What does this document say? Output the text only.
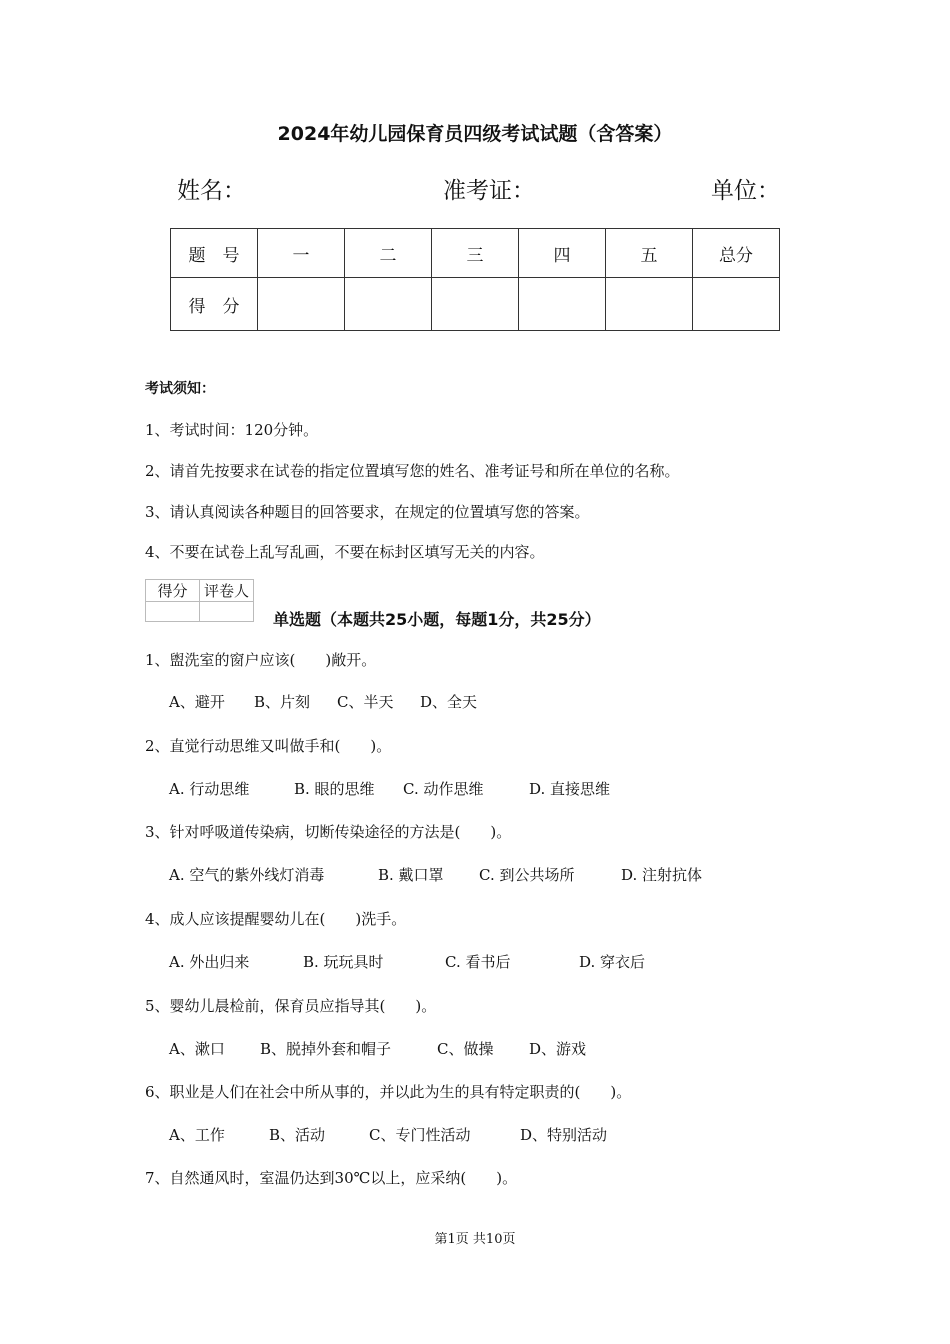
2024年幼儿园保育员四级考试试题（含答案）
姓名：	准考证：	单位：
题　号	一	二	三	四	五	总分
得　分						
考试须知：
1、考试时间：120分钟。
2、请首先按要求在试卷的指定位置填写您的姓名、准考证号和所在单位的名称。
3、请认真阅读各种题目的回答要求，在规定的位置填写您的答案。
4、不要在试卷上乱写乱画，不要在标封区填写无关的内容。
得分	评卷人

单选题（本题共25小题，每题1分，共25分）
1、盥洗室的窗户应该(　　)敞开。
A、避开 B、片刻 C、半天 D、全天
2、直觉行动思维又叫做手和(　　)。
A. 行动思维	B. 眼的思维 C. 动作思维	D. 直接思维
3、针对呼吸道传染病，切断传染途径的方法是(　　)。
A. 空气的紫外线灯消毒	B. 戴口罩 C. 到公共场所	D. 注射抗体
4、成人应该提醒婴幼儿在(　　)洗手。
A. 外出归来	B. 玩玩具时	C. 看书后	D. 穿衣后
5、婴幼儿晨检前，保育员应指导其(　　)。
A、漱口 B、脱掉外套和帽子	C、做操 D、游戏
6、职业是人们在社会中所从事的，并以此为生的具有特定职责的(　　)。
A、工作	B、活动	C、专门性活动	D、特别活动
7、自然通风时，室温仍达到30℃以上，应采纳(　　)。
第1页 共10页
